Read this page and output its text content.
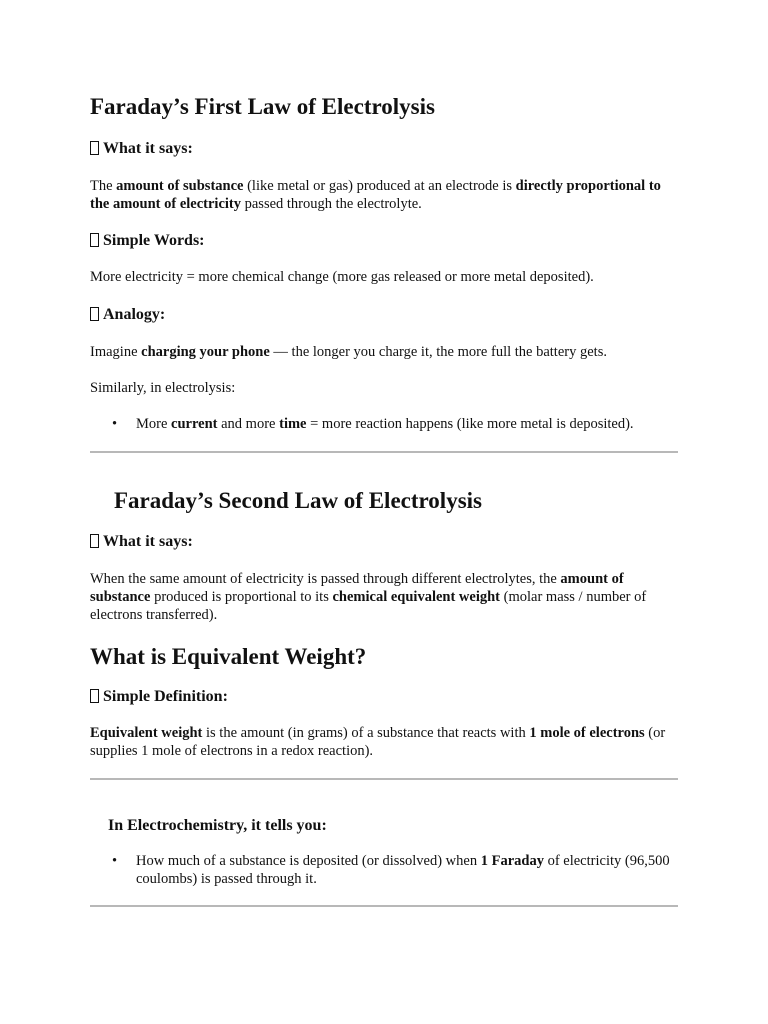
Faraday’s First Law of Electrolysis
What it says:

The amount of substance (like metal or gas) produced at an electrode is directly proportional to the amount of electricity passed through the electrolyte.

Simple Words:

More electricity = more chemical change (more gas released or more metal deposited).

Analogy:

Imagine charging your phone — the longer you charge it, the more full the battery gets.

Similarly, in electrolysis:

• More current and more time = more reaction happens (like more metal is deposited).

Faraday’s Second Law of Electrolysis
What it says:

When the same amount of electricity is passed through different electrolytes, the amount of substance produced is proportional to its chemical equivalent weight (molar mass / number of electrons transferred).

What is Equivalent Weight?
Simple Definition:

Equivalent weight is the amount (in grams) of a substance that reacts with 1 mole of electrons (or supplies 1 mole of electrons in a redox reaction).

In Electrochemistry, it tells you:
• How much of a substance is deposited (or dissolved) when 1 Faraday of electricity (96,500 coulombs) is passed through it.
